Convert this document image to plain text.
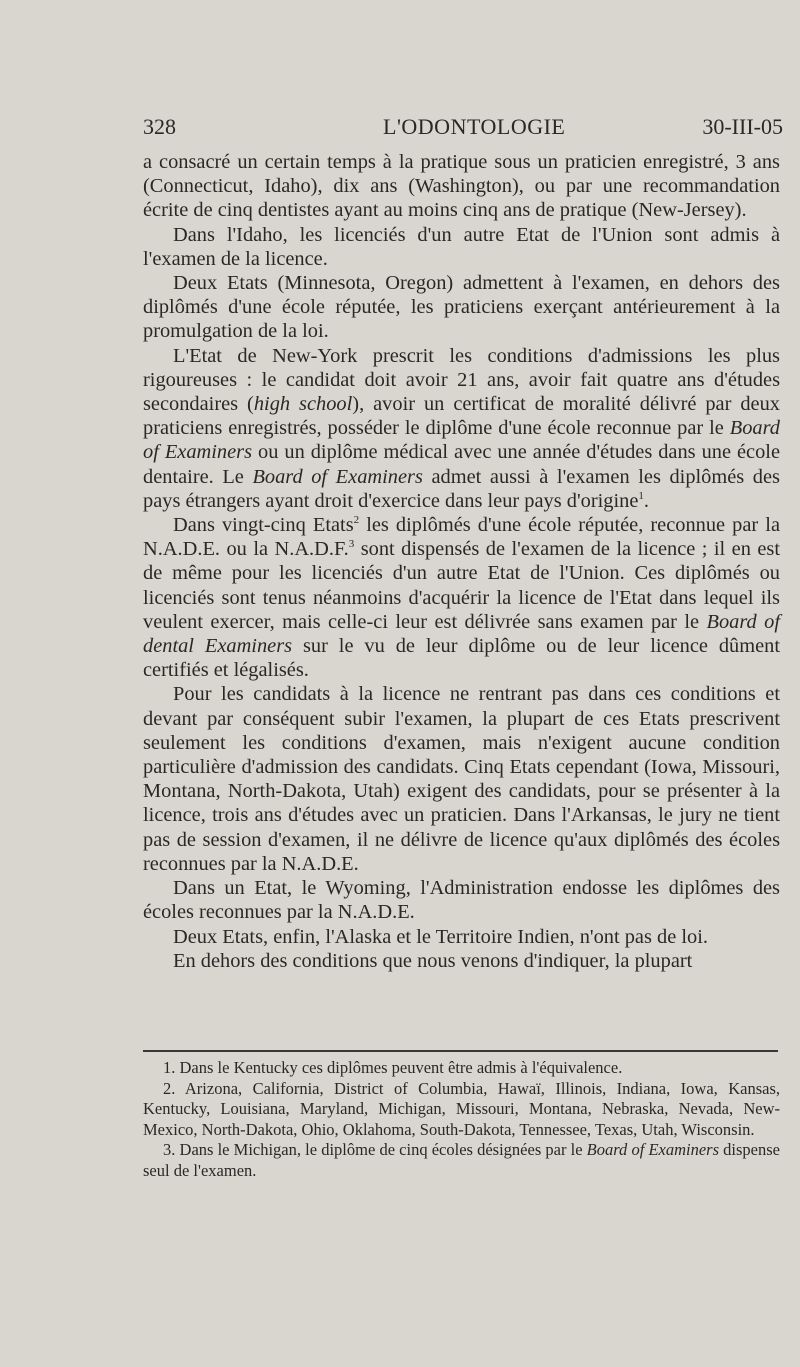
328	L'ODONTOLOGIE	30-III-05

a consacré un certain temps à la pratique sous un praticien enregistré, 3 ans (Connecticut, Idaho), dix ans (Washington), ou par une recommandation écrite de cinq dentistes ayant au moins cinq ans de pratique (New-Jersey).

Dans l'Idaho, les licenciés d'un autre Etat de l'Union sont admis à l'examen de la licence.

Deux Etats (Minnesota, Oregon) admettent à l'examen, en dehors des diplômés d'une école réputée, les praticiens exerçant antérieurement à la promulgation de la loi.

L'Etat de New-York prescrit les conditions d'admissions les plus rigoureuses : le candidat doit avoir 21 ans, avoir fait quatre ans d'études secondaires (high school), avoir un certificat de moralité délivré par deux praticiens enregistrés, posséder le diplôme d'une école reconnue par le Board of Examiners ou un diplôme médical avec une année d'études dans une école dentaire. Le Board of Examiners admet aussi à l'examen les diplômés des pays étrangers ayant droit d'exercice dans leur pays d'origine$^1$.

Dans vingt-cinq Etats$^2$ les diplômés d'une école réputée, reconnue par la N.A.D.E. ou la N.A.D.F.$^3$ sont dispensés de l'examen de la licence ; il en est de même pour les licenciés d'un autre Etat de l'Union. Ces diplômés ou licenciés sont tenus néanmoins d'acquérir la licence de l'Etat dans lequel ils veulent exercer, mais celle-ci leur est délivrée sans examen par le Board of dental Examiners sur le vu de leur diplôme ou de leur licence dûment certifiés et légalisés.

Pour les candidats à la licence ne rentrant pas dans ces conditions et devant par conséquent subir l'examen, la plupart de ces Etats prescrivent seulement les conditions d'examen, mais n'exigent aucune condition particulière d'admission des candidats. Cinq Etats cependant (Iowa, Missouri, Montana, North-Dakota, Utah) exigent des candidats, pour se présenter à la licence, trois ans d'études avec un praticien. Dans l'Arkansas, le jury ne tient pas de session d'examen, il ne délivre de licence qu'aux diplômés des écoles reconnues par la N.A.D.E.

Dans un Etat, le Wyoming, l'Administration endosse les diplômes des écoles reconnues par la N.A.D.E.

Deux Etats, enfin, l'Alaska et le Territoire Indien, n'ont pas de loi.

En dehors des conditions que nous venons d'indiquer, la plupart

1. Dans le Kentucky ces diplômes peuvent être admis à l'équivalence.

2. Arizona, California, District of Columbia, Hawaï, Illinois, Indiana, Iowa, Kansas, Kentucky, Louisiana, Maryland, Michigan, Missouri, Montana, Nebraska, Nevada, New-Mexico, North-Dakota, Ohio, Oklahoma, South-Dakota, Tennessee, Texas, Utah, Wisconsin.

3. Dans le Michigan, le diplôme de cinq écoles désignées par le Board of Examiners dispense seul de l'examen.
